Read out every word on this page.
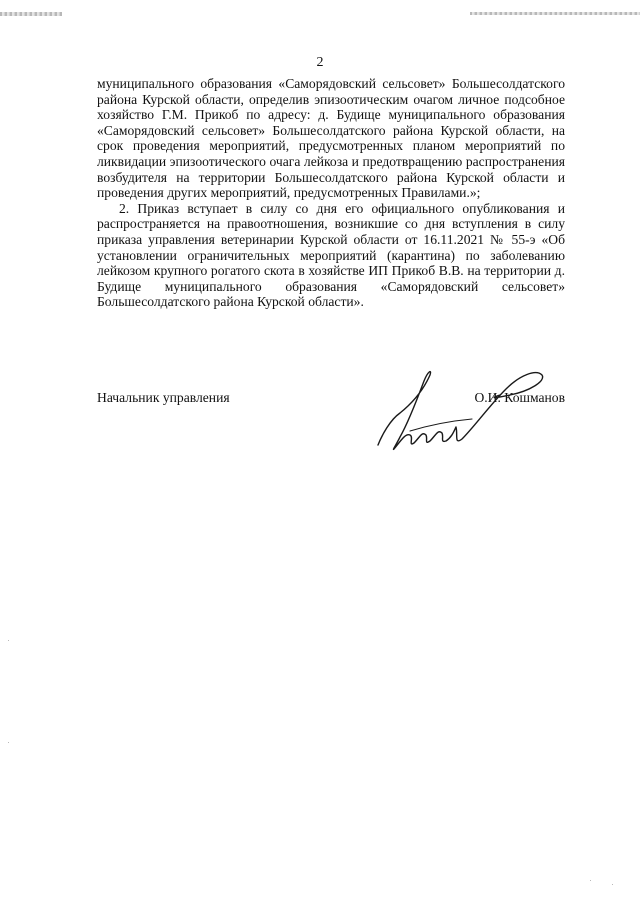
2

муниципального образования «Саморядовский сельсовет» Большесолдатского района Курской области, определив эпизоотическим очагом личное подсобное хозяйство Г.М. Прикоб по адресу: д. Будище муниципального образования «Саморядовский сельсовет» Большесолдатского района Курской области, на срок проведения мероприятий, предусмотренных планом мероприятий по ликвидации эпизоотического очага лейкоза и предотвращению распространения возбудителя на территории Большесолдатского района Курской области и проведения других мероприятий, предусмотренных Правилами.»;

2. Приказ вступает в силу со дня его официального опубликования и распространяется на правоотношения, возникшие со дня вступления в силу приказа управления ветеринарии Курской области от 16.11.2021 № 55-э «Об установлении ограничительных мероприятий (карантина) по заболеванию лейкозом крупного рогатого скота в хозяйстве ИП Прикоб В.В. на территории д. Будище муниципального образования «Саморядовский сельсовет» Большесолдатского района Курской области».

Начальник управления	О.И. Кошманов
